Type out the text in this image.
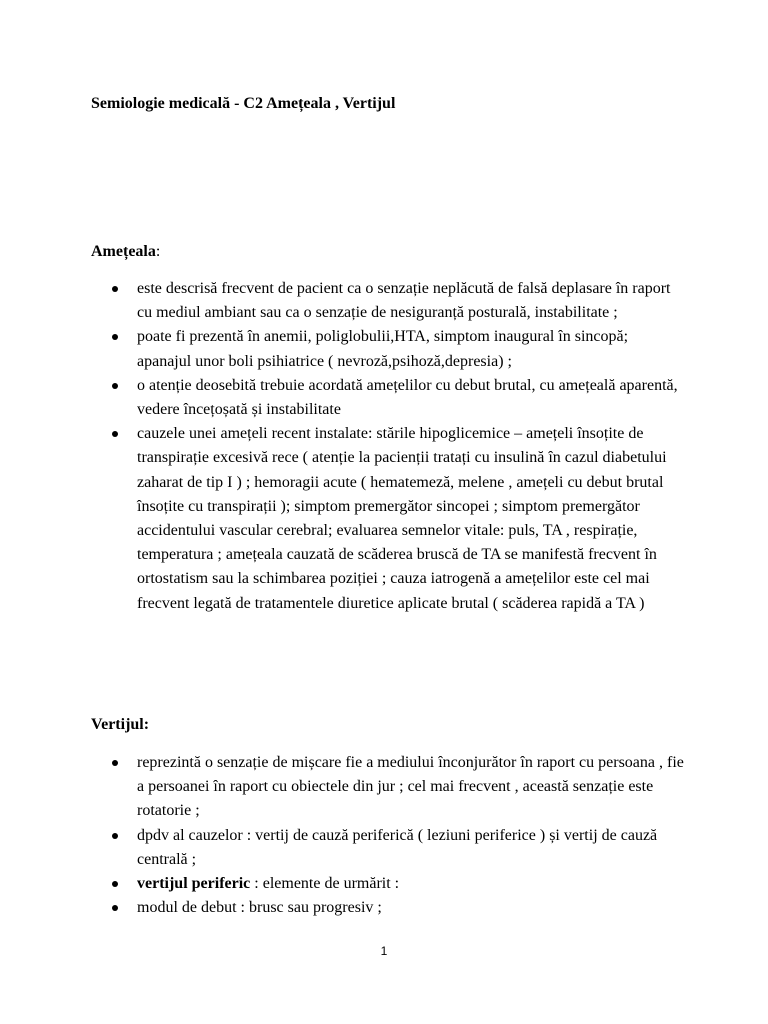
Semiologie medicală - C2 Amețeala , Vertijul
Amețeala:
este descrisă frecvent de pacient ca o senzație neplăcută de falsă deplasare în raport cu mediul ambiant sau ca o senzație de nesiguranță posturală, instabilitate ;
poate fi prezentă în anemii, poliglobulii,HTA, simptom inaugural în sincopă; apanajul unor boli psihiatrice ( nevroză,psihoză,depresia) ;
o atenție deosebită trebuie acordată amețelilor cu debut brutal, cu amețeală aparentă, vedere încețoșată și instabilitate
cauzele unei amețeli recent instalate: stările hipoglicemice – amețeli însoțite de transpirație excesivă rece ( atenție la pacienții tratați cu insulină în cazul diabetului zaharat de tip I ) ; hemoragii acute ( hematemeză, melene , amețeli cu debut brutal însoțite cu transpirații ); simptom premergător sincopei ; simptom premergător accidentului vascular cerebral; evaluarea semnelor vitale: puls, TA , respirație, temperatura ; amețeala cauzată de scăderea bruscă de TA se manifestă frecvent în ortostatism sau la schimbarea poziției ; cauza iatrogenă a amețelilor este cel mai frecvent legată de tratamentele diuretice aplicate brutal ( scăderea rapidă a TA )
Vertijul:
reprezintă o senzație de mișcare fie a mediului înconjurător în raport cu persoana , fie a persoanei în raport cu obiectele din jur ; cel mai frecvent , această senzație este rotatorie ;
dpdv al cauzelor : vertij de cauză periferică ( leziuni periferice ) și vertij de cauză centrală ;
vertijul periferic : elemente de urmărit :
modul de debut : brusc sau progresiv ;
1
